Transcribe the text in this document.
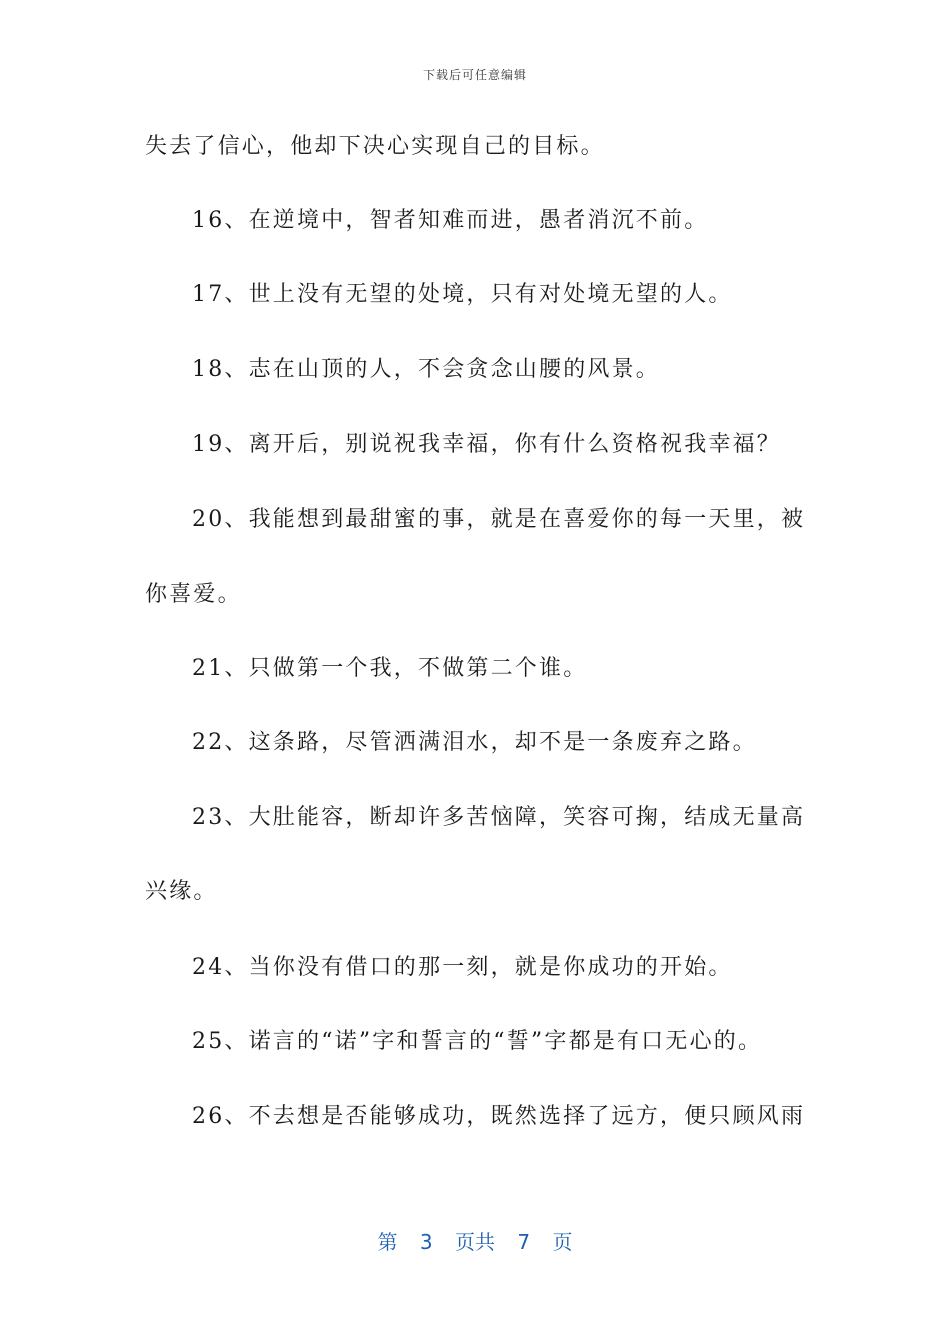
下载后可任意编辑
失去了信心，他却下决心实现自己的目标。
16、在逆境中，智者知难而进，愚者消沉不前。
17、世上没有无望的处境，只有对处境无望的人。
18、志在山顶的人，不会贪念山腰的风景。
19、离开后，别说祝我幸福，你有什么资格祝我幸福？
20、我能想到最甜蜜的事，就是在喜爱你的每一天里，被
你喜爱。
21、只做第一个我，不做第二个谁。
22、这条路，尽管洒满泪水，却不是一条废弃之路。
23、大肚能容，断却许多苦恼障，笑容可掬，结成无量高
兴缘。
24、当你没有借口的那一刻，就是你成功的开始。
25、诺言的“诺”字和誓言的“誓”字都是有口无心的。
26、不去想是否能够成功，既然选择了远方，便只顾风雨
第 3 页共 7 页
